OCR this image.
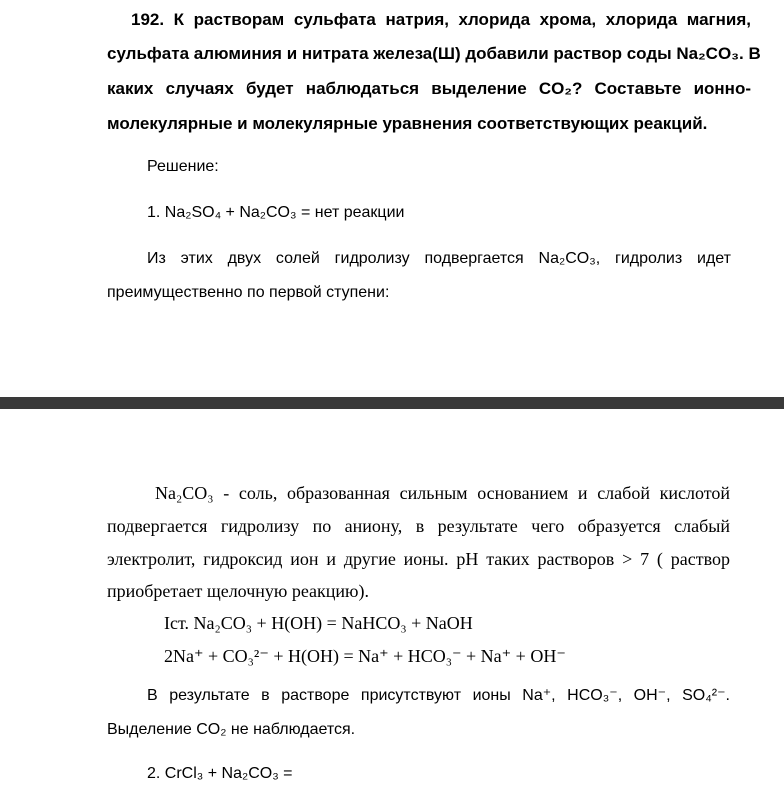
192. К растворам сульфата натрия, хлорида хрома, хлорида магния,
сульфата алюминия и нитрата железа(Ш) добавили раствор соды Na₂CO₃. В
каких случаях будет наблюдаться выделение CO₂? Составьте ионно-
молекулярные и молекулярные уравнения соответствующих реакций.
Решение:
1. Na₂SO₄ + Na₂CO₃ = нет реакции
Из этих двух солей гидролизу подвергается Na₂CO₃, гидролиз идет
преимущественно по первой ступени:
Na₂CO₃ - соль, образованная сильным основанием и слабой кислотой
подвергается гидролизу по аниону, в результате чего образуется слабый
электролит, гидроксид ион и другие ионы. pH таких растворов > 7 ( раствор
приобретает щелочную реакцию).
Iст. Na₂CO₃ + H(OH) = NaHCO₃ + NaOH
2Na⁺ + CO₃²⁻ + H(OH) = Na⁺ + HCO₃⁻ + Na⁺ + OH⁻
В результате в растворе присутствуют ионы Na⁺, HCO₃⁻, OH⁻, SO₄²⁻.
Выделение CO₂ не наблюдается.
2. CrCl₃ + Na₂CO₃ =
